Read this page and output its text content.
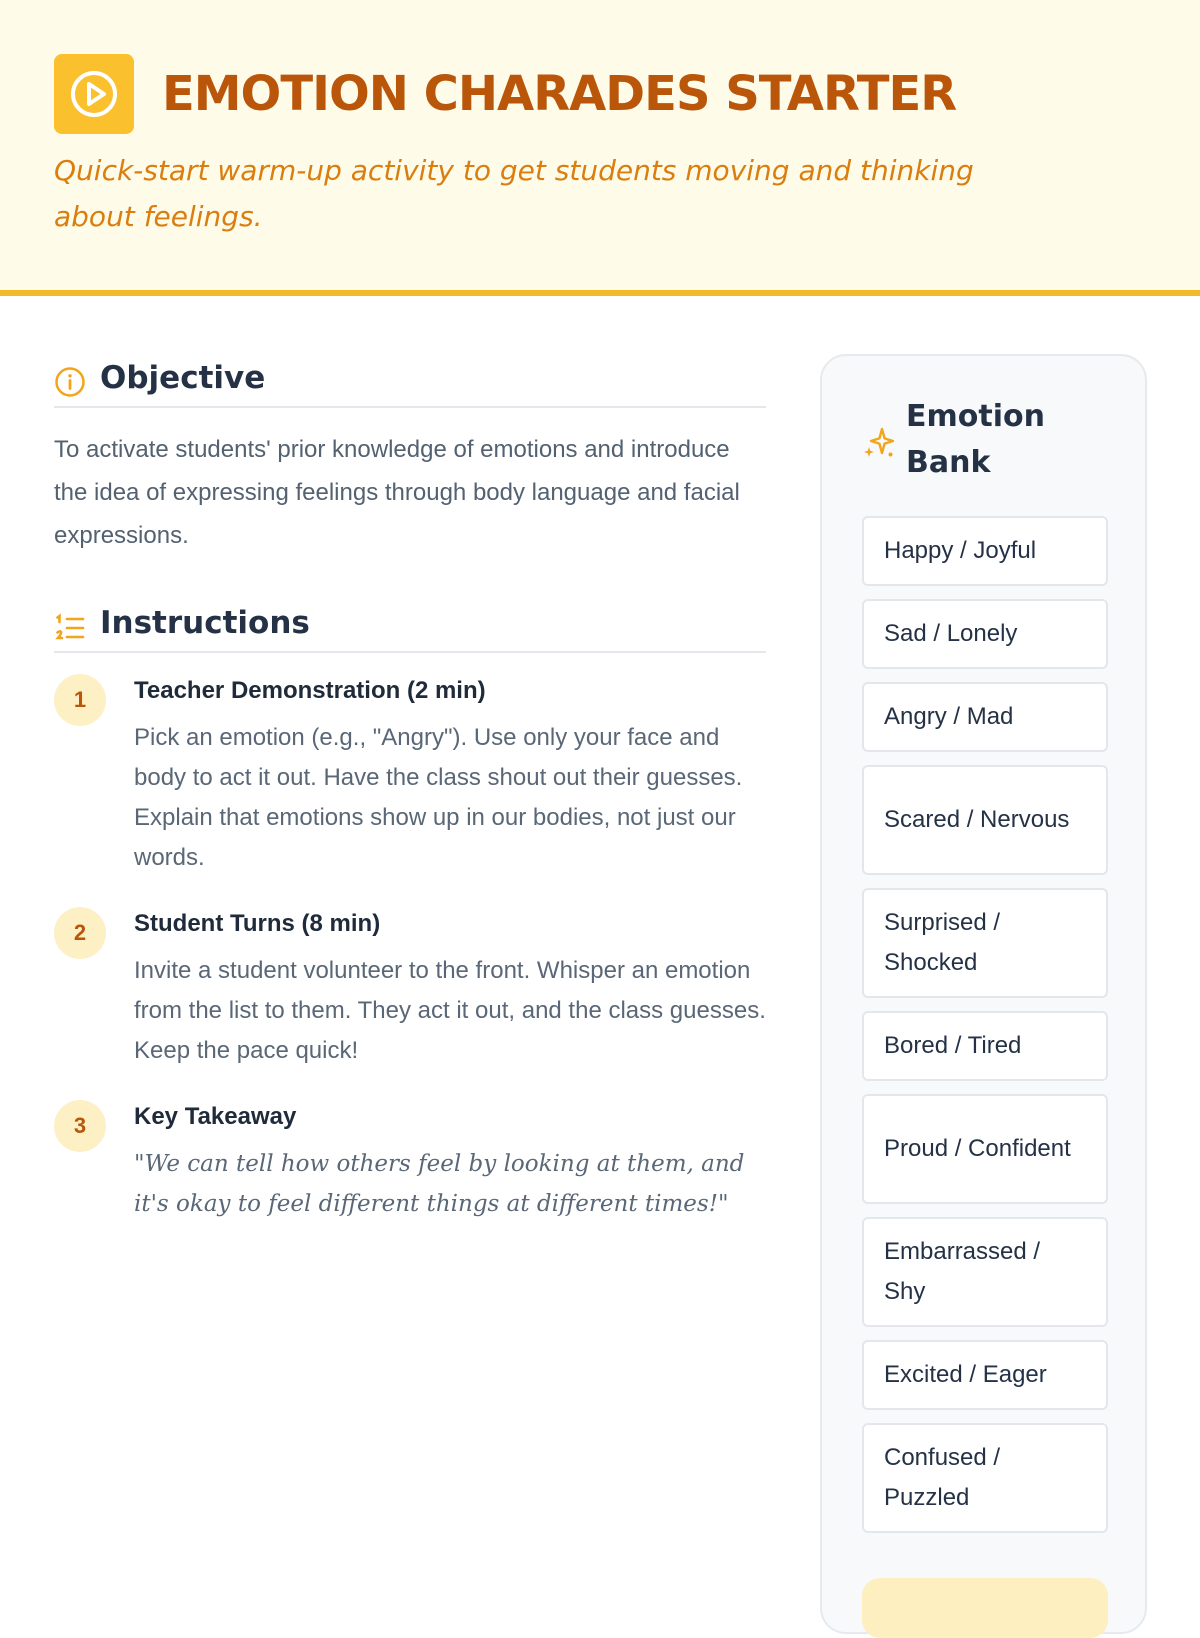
EMOTION CHARADES STARTER
Quick-start warm-up activity to get students moving and thinking about feelings.
Objective
To activate students' prior knowledge of emotions and introduce the idea of expressing feelings through body language and facial expressions.
Instructions
1	Teacher Demonstration (2 min)
Pick an emotion (e.g., "Angry"). Use only your face and body to act it out. Have the class shout out their guesses. Explain that emotions show up in our bodies, not just our words.
2	Student Turns (8 min)
Invite a student volunteer to the front. Whisper an emotion from the list to them. They act it out, and the class guesses. Keep the pace quick!
3	Key Takeaway
"We can tell how others feel by looking at them, and it's okay to feel different things at different times!"
Emotion Bank
Happy / Joyful
Sad / Lonely
Angry / Mad
Scared / Nervous
Surprised / Shocked
Bored / Tired
Proud / Confident
Embarrassed / Shy
Excited / Eager
Confused / Puzzled
